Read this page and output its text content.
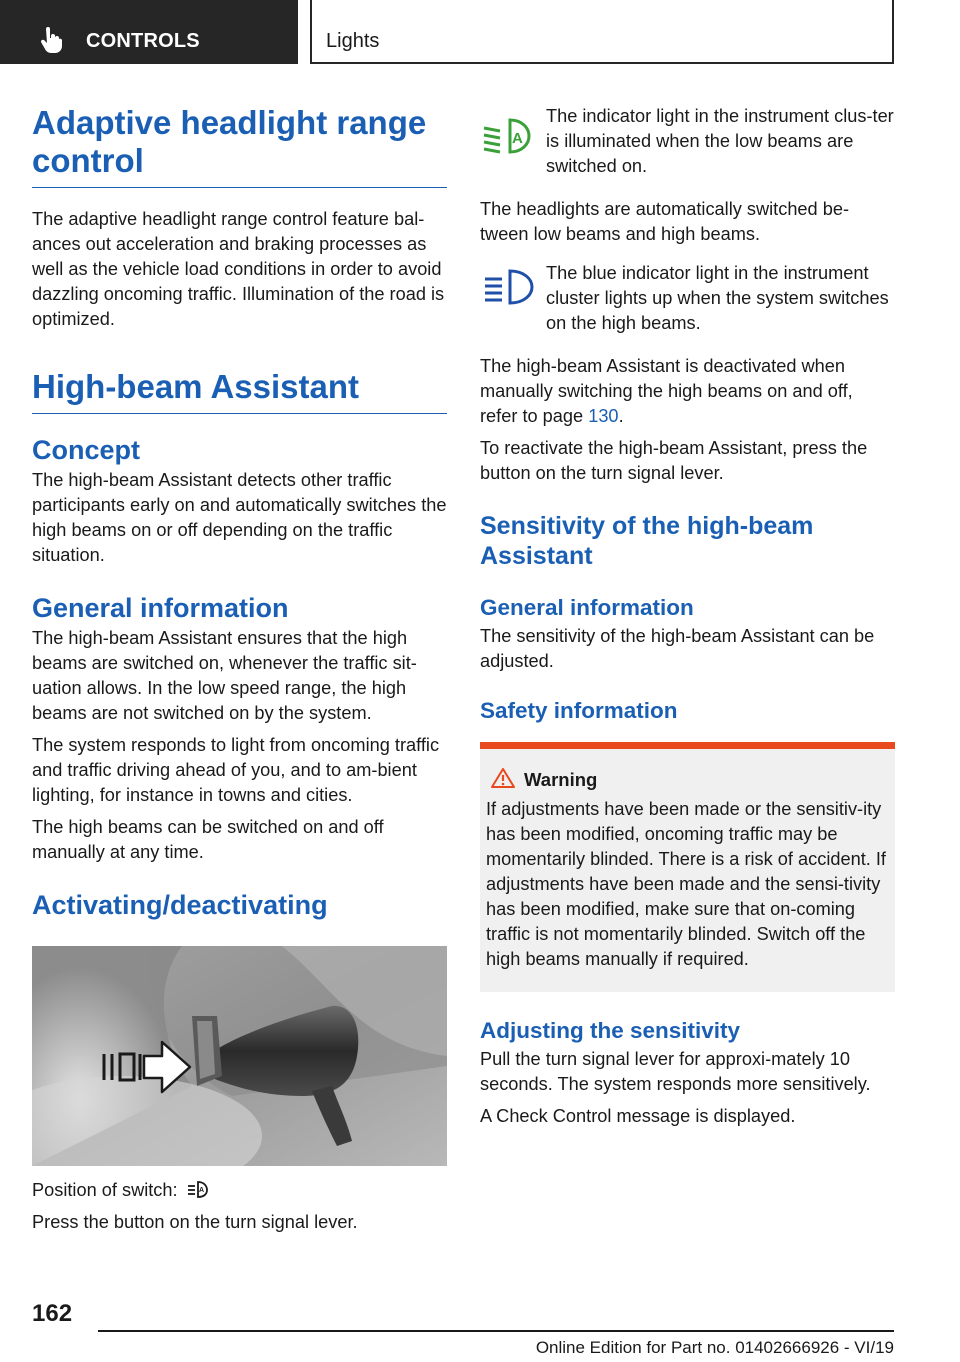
CONTROLS	Lights
Adaptive headlight range control

The adaptive headlight range control feature bal‐ances out acceleration and braking processes as well as the vehicle load conditions in order to avoid dazzling oncoming traffic. Illumination of the road is optimized.

High-beam Assistant
Concept

The high-beam Assistant detects other traffic participants early on and automatically switches the high beams on or off depending on the traffic situation.

General information

The high-beam Assistant ensures that the high beams are switched on, whenever the traffic sit‐uation allows. In the low speed range, the high beams are not switched on by the system.

The system responds to light from oncoming traffic and traffic driving ahead of you, and to am‐bient lighting, for instance in towns and cities.

The high beams can be switched on and off manually at any time.

Activating/deactivating

Position of switch:	A

Press the button on the turn signal lever.

A

The indicator light in the instrument clus‐ter is illuminated when the low beams are switched on.

The headlights are automatically switched be‐tween low beams and high beams.

The blue indicator light in the instrument cluster lights up when the system switches on the high beams.

The high-beam Assistant is deactivated when manually switching the high beams on and off, refer to page 130.

To reactivate the high-beam Assistant, press the button on the turn signal lever.

Sensitivity of the high-beam Assistant
General information

The sensitivity of the high-beam Assistant can be adjusted.

Safety information

Warning

If adjustments have been made or the sensitiv‐ity has been modified, oncoming traffic may be momentarily blinded. There is a risk of accident. If adjustments have been made and the sensi‐tivity has been modified, make sure that on‐coming traffic is not momentarily blinded. Switch off the high beams manually if required.

Adjusting the sensitivity

Pull the turn signal lever for approxi‐mately 10 seconds. The system responds more sensitively.

A Check Control message is displayed.

162
Online Edition for Part no. 01402666926 - VI/19
